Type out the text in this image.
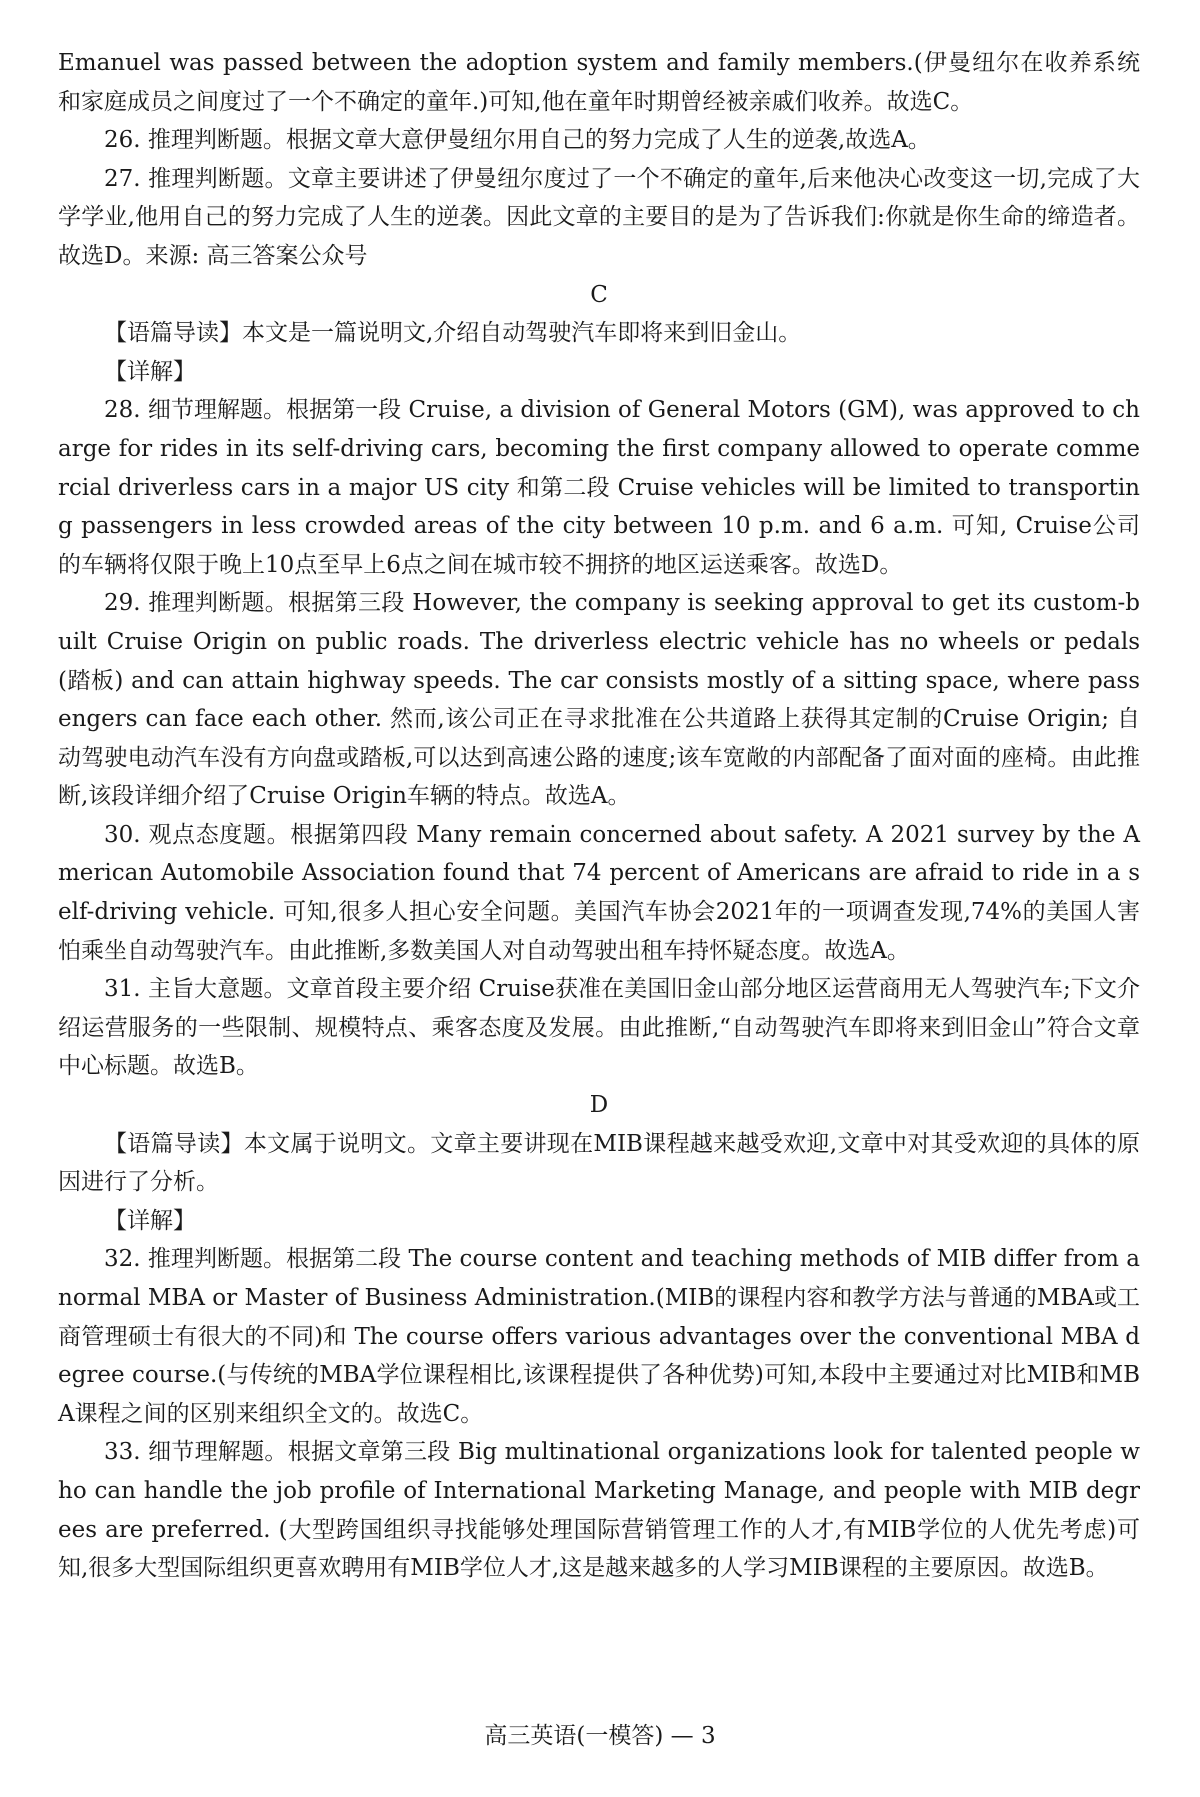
Emanuel was passed between the adoption system and family members.(伊曼纽尔在收养系统和家庭成员之间度过了一个不确定的童年.)可知,他在童年时期曾经被亲戚们收养。故选C。

26. 推理判断题。根据文章大意伊曼纽尔用自己的努力完成了人生的逆袭,故选A。

27. 推理判断题。文章主要讲述了伊曼纽尔度过了一个不确定的童年,后来他决心改变这一切,完成了大学学业,他用自己的努力完成了人生的逆袭。因此文章的主要目的是为了告诉我们:你就是你生命的缔造者。故选D。来源: 高三答案公众号

C

【语篇导读】本文是一篇说明文,介绍自动驾驶汽车即将来到旧金山。

【详解】

28. 细节理解题。根据第一段 Cruise, a division of General Motors (GM), was approved to charge for rides in its self-driving cars, becoming the first company allowed to operate commercial driverless cars in a major US city 和第二段 Cruise vehicles will be limited to transporting passengers in less crowded areas of the city between 10 p.m. and 6 a.m. 可知, Cruise公司的车辆将仅限于晚上10点至早上6点之间在城市较不拥挤的地区运送乘客。故选D。

29. 推理判断题。根据第三段 However, the company is seeking approval to get its custom-built Cruise Origin on public roads. The driverless electric vehicle has no wheels or pedals (踏板) and can attain highway speeds. The car consists mostly of a sitting space, where passengers can face each other. 然而,该公司正在寻求批准在公共道路上获得其定制的Cruise Origin; 自动驾驶电动汽车没有方向盘或踏板,可以达到高速公路的速度;该车宽敞的内部配备了面对面的座椅。由此推断,该段详细介绍了Cruise Origin车辆的特点。故选A。

30. 观点态度题。根据第四段 Many remain concerned about safety. A 2021 survey by the American Automobile Association found that 74 percent of Americans are afraid to ride in a self-driving vehicle. 可知,很多人担心安全问题。美国汽车协会2021年的一项调查发现,74%的美国人害怕乘坐自动驾驶汽车。由此推断,多数美国人对自动驾驶出租车持怀疑态度。故选A。

31. 主旨大意题。文章首段主要介绍 Cruise获准在美国旧金山部分地区运营商用无人驾驶汽车;下文介绍运营服务的一些限制、规模特点、乘客态度及发展。由此推断,“自动驾驶汽车即将来到旧金山”符合文章中心标题。故选B。

D

【语篇导读】本文属于说明文。文章主要讲现在MIB课程越来越受欢迎,文章中对其受欢迎的具体的原因进行了分析。

【详解】

32. 推理判断题。根据第二段 The course content and teaching methods of MIB differ from a normal MBA or Master of Business Administration.(MIB的课程内容和教学方法与普通的MBA或工商管理硕士有很大的不同)和 The course offers various advantages over the conventional MBA degree course.(与传统的MBA学位课程相比,该课程提供了各种优势)可知,本段中主要通过对比MIB和MBA课程之间的区别来组织全文的。故选C。

33. 细节理解题。根据文章第三段 Big multinational organizations look for talented people who can handle the job profile of International Marketing Manage, and people with MIB degrees are preferred. (大型跨国组织寻找能够处理国际营销管理工作的人才,有MIB学位的人优先考虑)可知,很多大型国际组织更喜欢聘用有MIB学位人才,这是越来越多的人学习MIB课程的主要原因。故选B。

高三英语(一模答) — 3
